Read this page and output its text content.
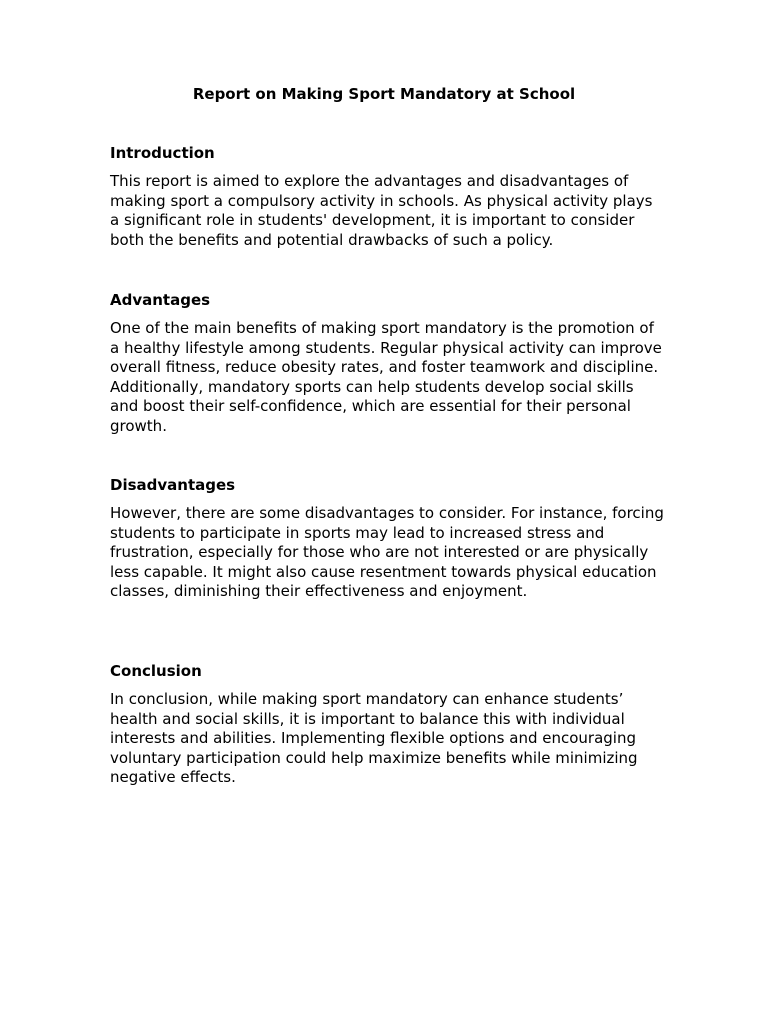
Report on Making Sport Mandatory at School
Introduction

This report is aimed to explore the advantages and disadvantages of making sport a compulsory activity in schools. As physical activity plays a significant role in students' development, it is important to consider both the benefits and potential drawbacks of such a policy.

Advantages

One of the main benefits of making sport mandatory is the promotion of a healthy lifestyle among students. Regular physical activity can improve overall fitness, reduce obesity rates, and foster teamwork and discipline. Additionally, mandatory sports can help students develop social skills and boost their self-confidence, which are essential for their personal growth.

Disadvantages

However, there are some disadvantages to consider. For instance, forcing students to participate in sports may lead to increased stress and frustration, especially for those who are not interested or are physically less capable. It might also cause resentment towards physical education classes, diminishing their effectiveness and enjoyment.

Conclusion

In conclusion, while making sport mandatory can enhance students’ health and social skills, it is important to balance this with individual interests and abilities. Implementing flexible options and encouraging voluntary participation could help maximize benefits while minimizing negative effects.
